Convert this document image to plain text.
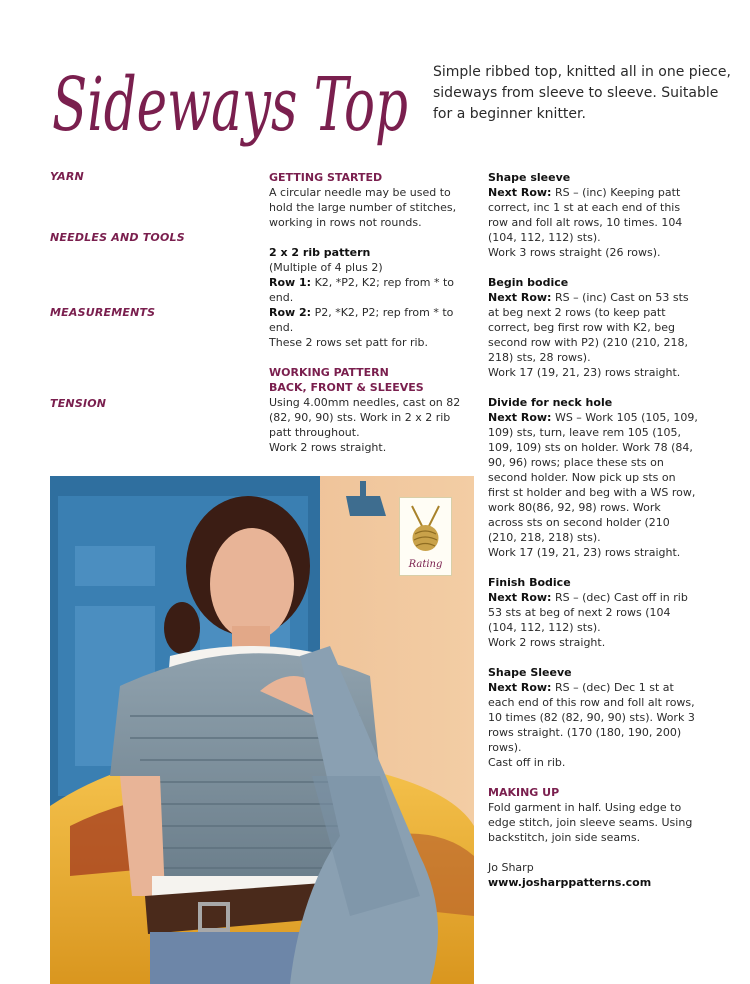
Sideways Top Simple ribbed top, knitted all in one piece, sideways from sleeve to sleeve. Suitable for a beginner knitter.
YARN
NEEDLES AND TOOLS
MEASUREMENTS
TENSION

GETTING STARTED

A circular needle may be used to hold the large number of stitches, working in rows not rounds.

2 x 2 rib pattern

(Multiple of 4 plus 2)

Row 1: K2, *P2, K2; rep from * to end.

Row 2: P2, *K2, P2; rep from * to end.

These 2 rows set patt for rib.

WORKING PATTERN

BACK, FRONT & SLEEVES

Using 4.00mm needles, cast on 82 (82, 90, 90) sts. Work in 2 x 2 rib patt throughout.

Work 2 rows straight.

Shape sleeve

Next Row: RS – (inc) Keeping patt correct, inc 1 st at each end of this row and foll alt rows, 10 times. 104 (104, 112, 112) sts).

Work 3 rows straight (26 rows).

Begin bodice

Next Row: RS – (inc) Cast on 53 sts at beg next 2 rows (to keep patt correct, beg first row with K2, beg second row with P2) (210 (210, 218, 218) sts, 28 rows).

Work 17 (19, 21, 23) rows straight.

Divide for neck hole

Next Row: WS – Work 105 (105, 109, 109) sts, turn, leave rem 105 (105, 109, 109) sts on holder. Work 78 (84, 90, 96) rows; place these sts on second holder. Now pick up sts on first st holder and beg with a WS row, work 80(86, 92, 98) rows. Work across sts on second holder (210 (210, 218, 218) sts).

Work 17 (19, 21, 23) rows straight.

Finish Bodice

Next Row: RS – (dec) Cast off in rib 53 sts at beg of next 2 rows (104 (104, 112, 112) sts).

Work 2 rows straight.

Shape Sleeve

Next Row: RS – (dec) Dec 1 st at each end of this row and foll alt rows, 10 times (82 (82, 90, 90) sts). Work 3 rows straight. (170 (180, 190, 200) rows).

Cast off in rib.

MAKING UP

Fold garment in half. Using edge to edge stitch, join sleeve seams. Using backstitch, join side seams.

Jo Sharp

www.josharppatterns.com

Rating
